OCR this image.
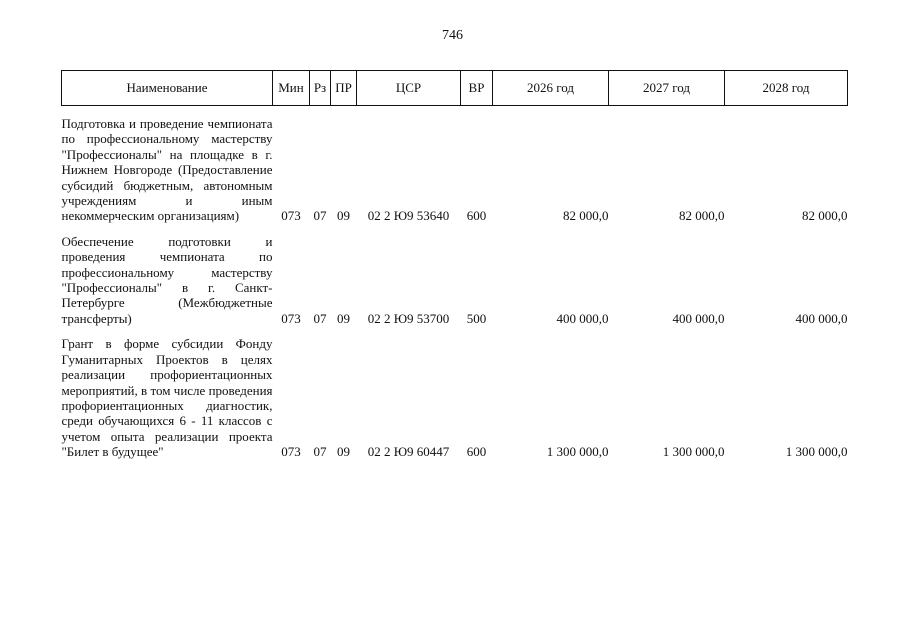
746
Наименование	Мин	Рз	ПР	ЦСР	ВР	2026 год	2027 год	2028 год
Подготовка и проведение чемпионата по профессиональному мастерству "Профессионалы" на площадке в г. Нижнем Новгороде (Предоставление субсидий бюджетным, автономным учреждениям и иным некоммерческим организациям)	073	07	09	02 2 Ю9 53640	600	82 000,0	82 000,0	82 000,0
Обеспечение подготовки и проведения чемпионата по профессиональному мастерству "Профессионалы" в г. Санкт-Петербурге (Межбюджетные трансферты)	073	07	09	02 2 Ю9 53700	500	400 000,0	400 000,0	400 000,0
Грант в форме субсидии Фонду Гуманитарных Проектов в целях реализации профориентационных мероприятий, в том числе проведения профориентационных диагностик, среди обучающихся 6 - 11 классов с учетом опыта реализации проекта "Билет в будущее"	073	07	09	02 2 Ю9 60447	600	1 300 000,0	1 300 000,0	1 300 000,0
